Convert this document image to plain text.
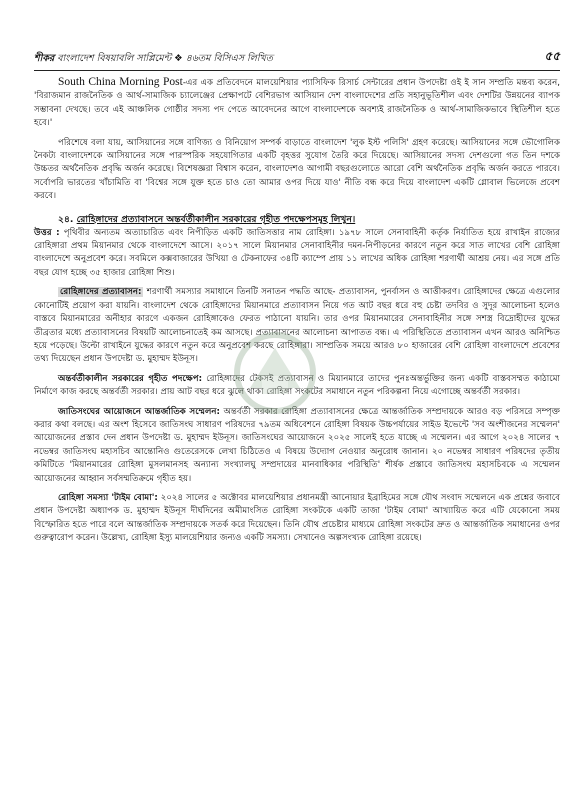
শীকর বাংলাদেশ বিষয়াবলি সাপ্লিমেন্ট ❖ ৪৬তম বিসিএস লিখিত	৫৫

South China Morning Post-এর এক প্রতিবেদনে মালয়েশিয়ার প্যাসিফিক রিসার্চ সেন্টারের প্রধান উপদেষ্টা ওই ই সান সম্প্রতি মন্তব্য করেন, 'বিরাজমান রাজনৈতিক ও আর্থ-সামাজিক চ্যালেঞ্জের প্রেক্ষাপটে বেশিরভাগ আসিয়ান দেশ বাংলাদেশের প্রতি সহানুভূতিশীল এবং দেশটির উন্নয়নের ব্যাপক সম্ভাবনা দেখছে। তবে এই আঞ্চলিক গোষ্ঠীর সদস্য পদ পেতে আবেদনের আগে বাংলাদেশকে অবশ্যই রাজনৈতিক ও আর্থ-সামাজিকভাবে স্থিতিশীল হতে হবে।'

পরিশেষে বলা যায়, আসিয়ানের সঙ্গে বাণিজ্য ও বিনিয়োগ সম্পর্ক বাড়াতে বাংলাদেশ 'লুক ইস্ট পলিসি' গ্রহণ করেছে। আসিয়ানের সঙ্গে ভৌগোলিক নৈকট্য বাংলাদেশকে আসিয়ানের সঙ্গে পারস্পরিক সহযোগিতার একটি বৃহত্তর সুযোগ তৈরি করে দিয়েছে। আসিয়ানের সদস্য দেশগুলো গত তিন দশকে উচ্চতর অর্থনৈতিক প্রবৃদ্ধি অর্জন করেছে। বিশেষজ্ঞরা বিশ্বাস করেন, বাংলাদেশও আগামী বছরগুলোতে আরো বেশি অর্থনৈতিক প্রবৃদ্ধি অর্জন করতে পারবে। সর্বোপরি ভারতের খাঁচামিতি বা 'বিশ্বের সঙ্গে যুক্ত হতে চাও তো আমার ওপর দিয়ে যাও' নীতি বন্ধ করে দিয়ে বাংলাদেশ একটি গ্লোবাল ভিলেজে প্রবেশ করবে।

২৪. রোহিঙ্গাদের প্রত্যাবাসনে অন্তর্বর্তীকালীন সরকারের গৃহীত পদক্ষেপসমূহ লিখুন।

উত্তর : পৃথিবীর অন্যতম অত্যাচারিত এবং নিপীড়িত একটি জাতিসত্তার নাম রোহিঙ্গা। ১৯৭৮ সালে সেনাবাহিনী কর্তৃক নির্যাতিত হয়ে রাখাইন রাজ্যের রোহিঙ্গারা প্রথম মিয়ানমার থেকে বাংলাদেশে আসে। ২০১৭ সালে মিয়ানমার সেনাবাহিনীর দমন-নিপীড়নের কারণে নতুন করে সাত লাখের বেশি রোহিঙ্গা বাংলাদেশে অনুপ্রবেশ করে। সবমিলে কক্সবাজারের উখিয়া ও টেকনাফের ৩৪টি ক্যাম্পে প্রায় ১১ লাখের অধিক রোহিঙ্গা শরণার্থী আশ্রয় নেয়। এর সঙ্গে প্রতি বছর যোগ হচ্ছে ৩৫ হাজার রোহিঙ্গা শিশু।

রোহিঙ্গাদের প্রত্যাবাসন: শরণার্থী সমস্যার সমাধানে তিনটি সনাতন পদ্ধতি আছে- প্রত্যাবাসন, পুনর্বাসন ও আত্তীকরণ। রোহিঙ্গাদের ক্ষেত্রে এগুলোর কোনোটিই প্রয়োগ করা যায়নি। বাংলাদেশ থেকে রোহিঙ্গাদের মিয়ানমারে প্রত্যাবাসন নিয়ে গত আট বছর ধরে বহু চেষ্টা তদবির ও সুদূর আলোচনা হলেও বাস্তবে মিয়ানমারের অনীহার কারণে একজন রোহিঙ্গাকেও ফেরত পাঠানো যায়নি। তার ওপর মিয়ানমারের সেনাবাহিনীর সঙ্গে সশস্ত্র বিদ্রোহীদের যুদ্ধের তীব্রতার মধ্যে প্রত্যাবাসনের বিষয়টি আলোচনাতেই কম আসছে। প্রত্যাবাসনের আলোচনা আপাতত বন্ধ। এ পরিস্থিতিতে প্রত্যাবাসন এখন আরও অনিশ্চিত হয়ে পড়েছে। উল্টো রাখাইনে যুদ্ধের কারণে নতুন করে অনুপ্রবেশ করছে রোহিঙ্গারা। সাম্প্রতিক সময়ে আরও ৮০ হাজারের বেশি রোহিঙ্গা বাংলাদেশে প্রবেশের তথ্য দিয়েছেন প্রধান উপদেষ্টা ড. মুহাম্মদ ইউনূস।

অন্তর্বর্তীকালীন সরকারের গৃহীত পদক্ষেপ: রোহিঙ্গাদের টেকসই প্রত্যাবাসন ও মিয়ানমারে তাদের পুনঃঅন্তর্ভুক্তির জন্য একটি বাস্তবসম্মত কাঠামো নির্মাণে কাজ করছে অন্তর্বর্তী সরকার। প্রায় আট বছর ধরে ঝুলে থাকা রোহিঙ্গা সংকটের সমাধানে নতুন পরিকল্পনা নিয়ে এগোচ্ছে অন্তর্বর্তী সরকার।

জাতিসংঘের আয়োজনে আন্তর্জাতিক সম্মেলন: অন্তর্বর্তী সরকার রোহিঙ্গা প্রত্যাবাসনের ক্ষেত্রে আন্তর্জাতিক সম্প্রদায়কে আরও বড় পরিসরে সম্পৃক্ত করার কথা বলছে। এর অংশ হিসেবে জাতিসংঘ সাধারণ পরিষদের ৭৯তম অধিবেশনে রোহিঙ্গা বিষয়ক উচ্চপর্যায়ের সাইড ইভেন্টে 'সব অংশীজনের সম্মেলন' আয়োজনের প্রস্তাব দেন প্রধান উপদেষ্টা ড. মুহাম্মদ ইউনূস। জাতিসংঘের আয়োজনে ২০২৫ সালেই হতে যাচ্ছে এ সম্মেলন। এর আগে ২০২৪ সালের ৭ নভেম্বর জাতিসংঘ মহাসচিব আন্তোনিও গুতেরেসকে লেখা চিঠিতেও এ বিষয়ে উদ্যোগ নেওয়ার অনুরোধ জানান। ২০ নভেম্বর সাধারণ পরিষদের তৃতীয় কমিটিতে 'মিয়ানমারের রোহিঙ্গা মুসলমানসহ অন্যান্য সংখ্যালঘু সম্প্রদায়ের মানবাধিকার পরিস্থিতি' শীর্ষক প্রস্তাবে জাতিসংঘ মহাসচিবকে এ সম্মেলন আয়োজনের আহ্বান সর্বসম্মতিক্রমে গৃহীত হয়।

রোহিঙ্গা সমস্যা 'টাইম বোমা': ২০২৪ সালের ৫ অক্টোবর মালয়েশিয়ার প্রধানমন্ত্রী আনোয়ার ইব্রাহিমের সঙ্গে যৌথ সংবাদ সম্মেলনে এক প্রশ্নের জবাবে প্রধান উপদেষ্টা অধ্যাপক ড. মুহাম্মদ ইউনূস দীর্ঘদিনের অমীমাংসিত রোহিঙ্গা সংকটকে একটি তাজা 'টাইম বোমা' আখ্যায়িত করে এটি যেকোনো সময় বিস্ফোরিত হতে পারে বলে আন্তর্জাতিক সম্প্রদায়কে সতর্ক করে দিয়েছেন। তিনি যৌথ প্রচেষ্টার মাধ্যমে রোহিঙ্গা সংকটের দ্রুত ও আন্তর্জাতিক সমাধানের ওপর গুরুত্বারোপ করেন। উল্লেখ্য, রোহিঙ্গা ইস্যু মালয়েশিয়ার জন্যও একটি সমস্যা। সেখানেও অল্পসংখ্যক রোহিঙ্গা রয়েছে।
